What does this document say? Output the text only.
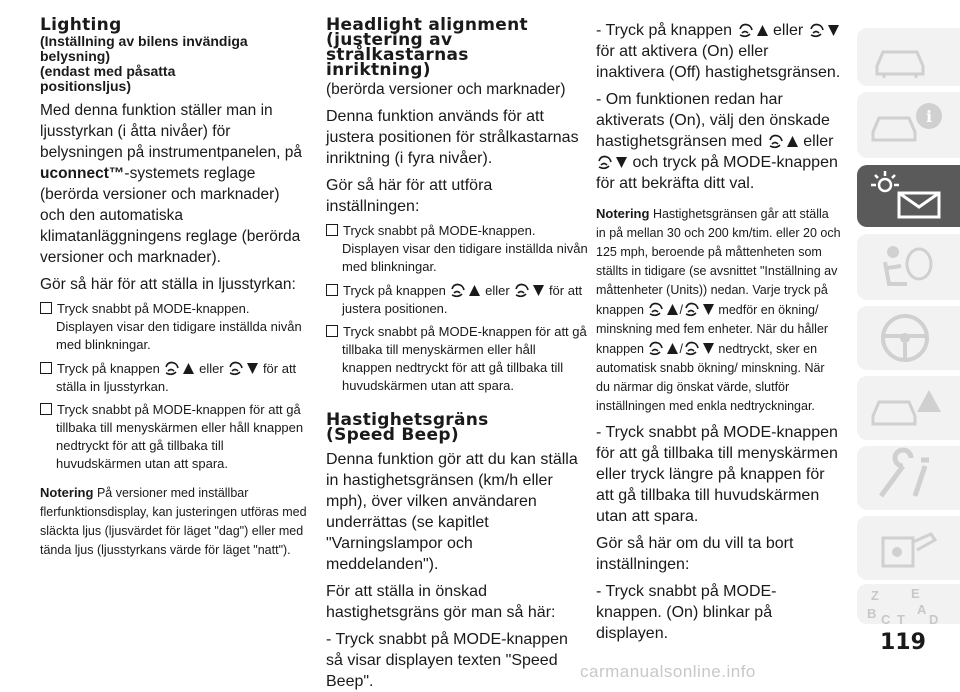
Lighting
(Inställning av bilens invändiga
belysning)
(endast med påsatta
positionsljus)

Med denna funktion ställer man in ljusstyrkan (i åtta nivåer) för belysningen på instrumentpanelen, på uconnect™-systemets reglage (berörda versioner och marknader) och den automatiska klimatanläggningens reglage (berörda versioner och marknader).

Gör så här för att ställa in ljusstyrkan:

Tryck snabbt på MODE-knappen. Displayen visar den tidigare inställda nivån med blinkningar.

Tryck på knappen	eller	för att ställa in ljusstyrkan.

Tryck snabbt på MODE-knappen för att gå tillbaka till menyskärmen eller håll knappen nedtryckt för att gå tillbaka till huvudskärmen utan att spara.

Notering På versioner med inställbar flerfunktionsdisplay, kan justeringen utföras med släckta ljus (ljusvärdet för läget "dag") eller med tända ljus (ljusstyrkans värde för läget "natt").

Headlight alignment
(justering av
strålkastarnas
inriktning)
(berörda versioner och marknader)

Denna funktion används för att justera positionen för strålkastarnas inriktning (i fyra nivåer).

Gör så här för att utföra inställningen:

Tryck snabbt på MODE-knappen. Displayen visar den tidigare inställda nivån med blinkningar.

Tryck på knappen	eller	för att justera positionen.

Tryck snabbt på MODE-knappen för att gå tillbaka till menyskärmen eller håll knappen nedtryckt för att gå tillbaka till huvudskärmen utan att spara.

Hastighetsgräns
(Speed Beep)

Denna funktion gör att du kan ställa in hastighetsgränsen (km/h eller mph), över vilken användaren underrättas (se kapitlet "Varningslampor och meddelanden").

För att ställa in önskad hastighetsgräns gör man så här:

- Tryck snabbt på MODE-knappen så visar displayen texten "Speed Beep".

- Tryck på knappen	eller  för att aktivera (On) eller inaktivera (Off) hastighetsgränsen.

- Om funktionen redan har aktiverats (On), välj den önskade hastighetsgränsen med	eller  och tryck på MODE-knappen för att bekräfta ditt val.

Notering Hastighetsgränsen går att ställa in på mellan 30 och 200 km/tim. eller 20 och 125 mph, beroende på måttenheten som ställts in tidigare (se avsnittet "Inställning av måttenheter (Units)) nedan. Varje tryck på knappen	/	medför en ökning/ minskning med fem enheter. När du håller knappen	/	nedtryckt, sker en automatisk snabb ökning/ minskning. När du närmar dig önskat värde, slutför inställningen med enkla nedtryckningar.

- Tryck snabbt på MODE-knappen för att gå tillbaka till menyskärmen eller tryck längre på knappen för att gå tillbaka till huvudskärmen utan att spara.

Gör så här om du vill ta bort inställningen:

- Tryck snabbt på MODE-knappen. (On) blinkar på displayen.

i
Z E
A
B C T D
119
carmanualsonline.info
